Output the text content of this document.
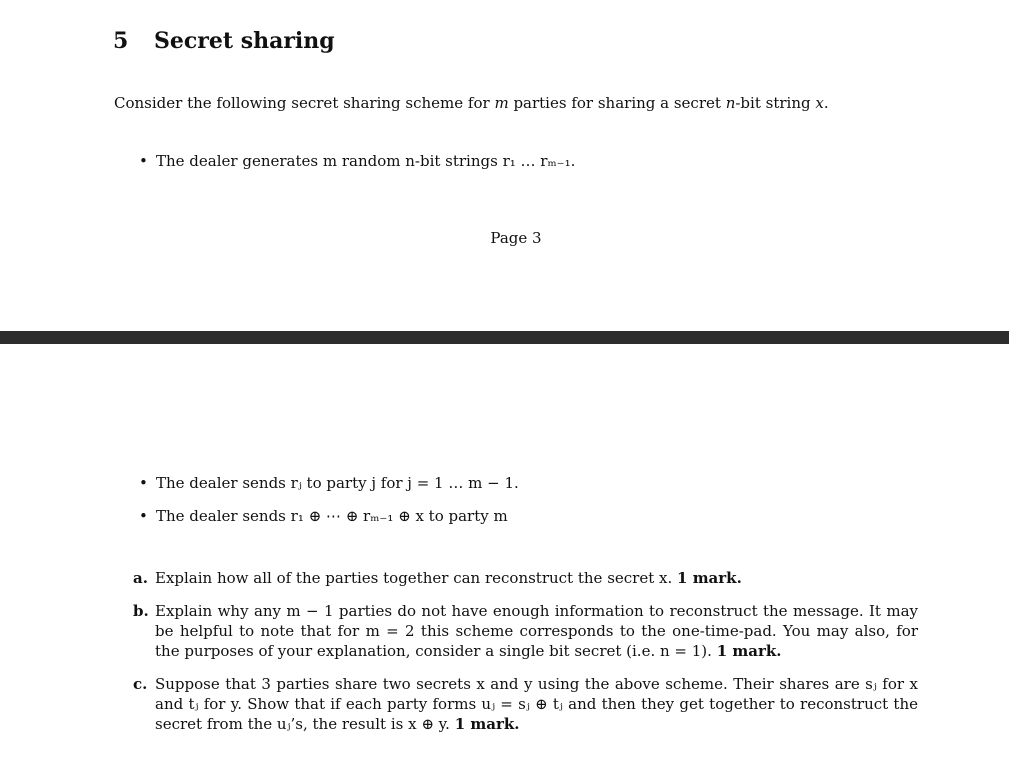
5 Secret sharing
Consider the following secret sharing scheme for m parties for sharing a secret n-bit string x.
• The dealer generates m random n-bit strings r₁ … rₘ₋₁.
Page 3
• The dealer sends rⱼ to party j for j = 1 … m − 1.
• The dealer sends r₁ ⊕ ⋯ ⊕ rₘ₋₁ ⊕ x to party m
a. Explain how all of the parties together can reconstruct the secret x. 1 mark.
b. Explain why any m − 1 parties do not have enough information to reconstruct the message. It may be helpful to note that for m = 2 this scheme corresponds to the one-time-pad. You may also, for the purposes of your explanation, consider a single bit secret (i.e. n = 1). 1 mark.
c. Suppose that 3 parties share two secrets x and y using the above scheme. Their shares are sⱼ for x and tⱼ for y. Show that if each party forms uⱼ = sⱼ ⊕ tⱼ and then they get together to reconstruct the secret from the uⱼ’s, the result is x ⊕ y. 1 mark.
